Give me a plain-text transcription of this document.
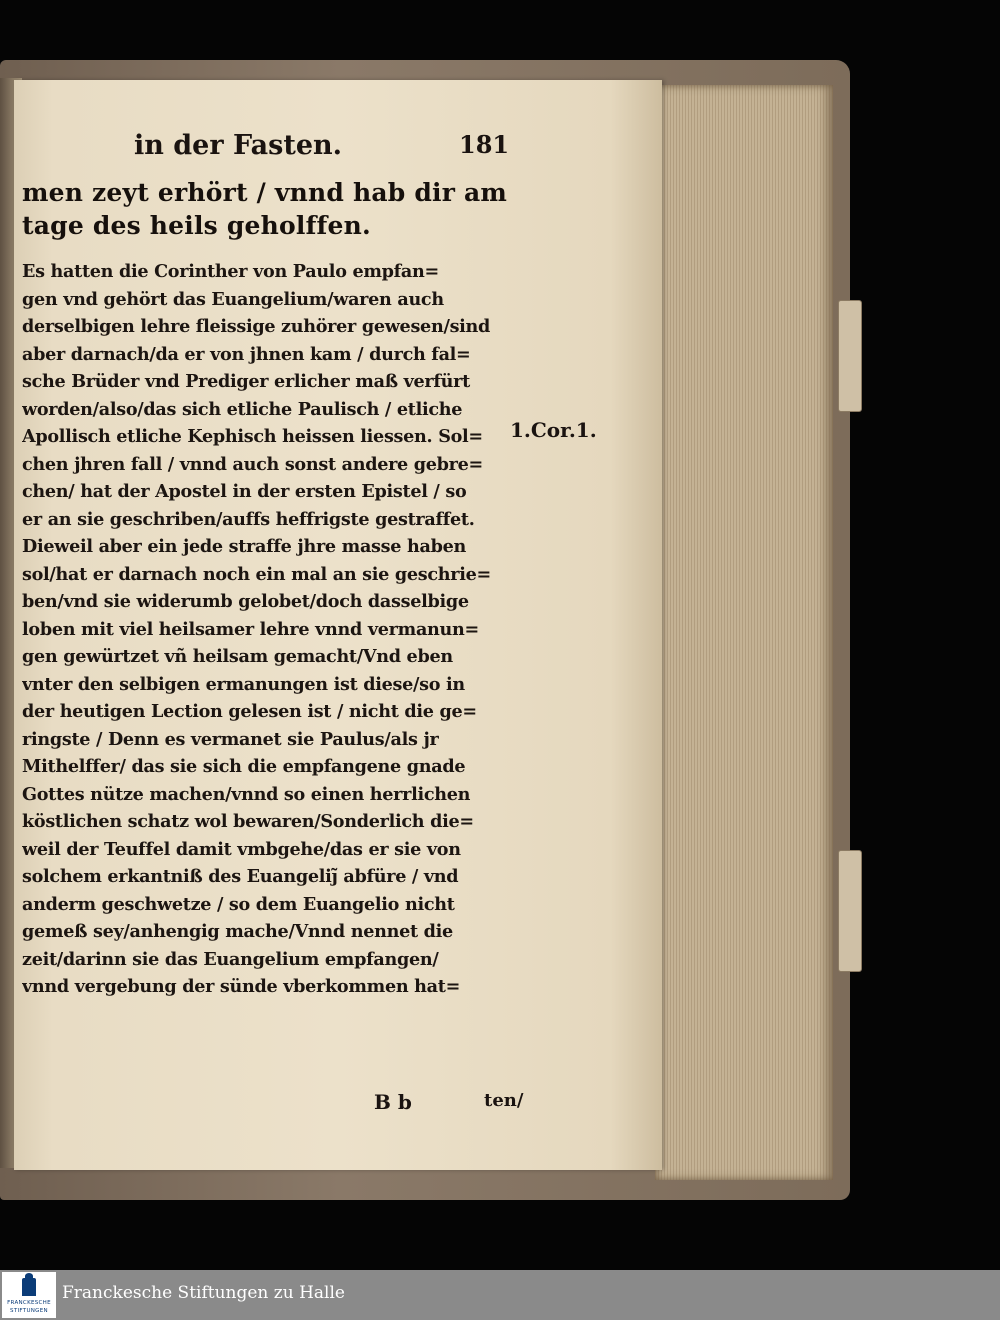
in der Fasten.	181
men zeyt erhört / vnnd hab dir am
tage des heils geholffen.
Es hatten die Corinther von Paulo empfan=
gen vnd gehört das Euangelium/waren auch
derselbigen lehre fleissige zuhörer gewesen/sind
aber darnach/da er von jhnen kam / durch fal=
sche Brüder vnd Prediger erlicher maß verfürt
worden/also/das sich etliche Paulisch / etliche
Apollisch etliche Kephisch heissen liessen. Sol=
chen jhren fall / vnnd auch sonst andere gebre=
chen/ hat der Apostel in der ersten Epistel / so
er an sie geschriben/auffs heffrigste gestraffet.
Dieweil aber ein jede straffe jhre masse haben
sol/hat er darnach noch ein mal an sie geschrie=
ben/vnd sie widerumb gelobet/doch dasselbige
loben mit viel heilsamer lehre vnnd vermanun=
gen gewürtzet vñ heilsam gemacht/Vnd eben
vnter den selbigen ermanungen ist diese/so in
der heutigen Lection gelesen ist / nicht die ge=
ringste / Denn es vermanet sie Paulus/als jr
Mithelffer/ das sie sich die empfangene gnade
Gottes nütze machen/vnnd so einen herrlichen
köstlichen schatz wol bewaren/Sonderlich die=
weil der Teuffel damit vmbgehe/das er sie von
solchem erkantniß des Euangeliȷ̃ abfüre / vnd
anderm geschwetze / so dem Euangelio nicht
gemeß sey/anhengig mache/Vnnd nennet die
zeit/darinn sie das Euangelium empfangen/
vnnd vergebung der sünde vberkommen hat=
B b	ten/
1.Cor.1.
FRANCKESCHE
STIFTUNGEN
Franckesche Stiftungen zu Halle
